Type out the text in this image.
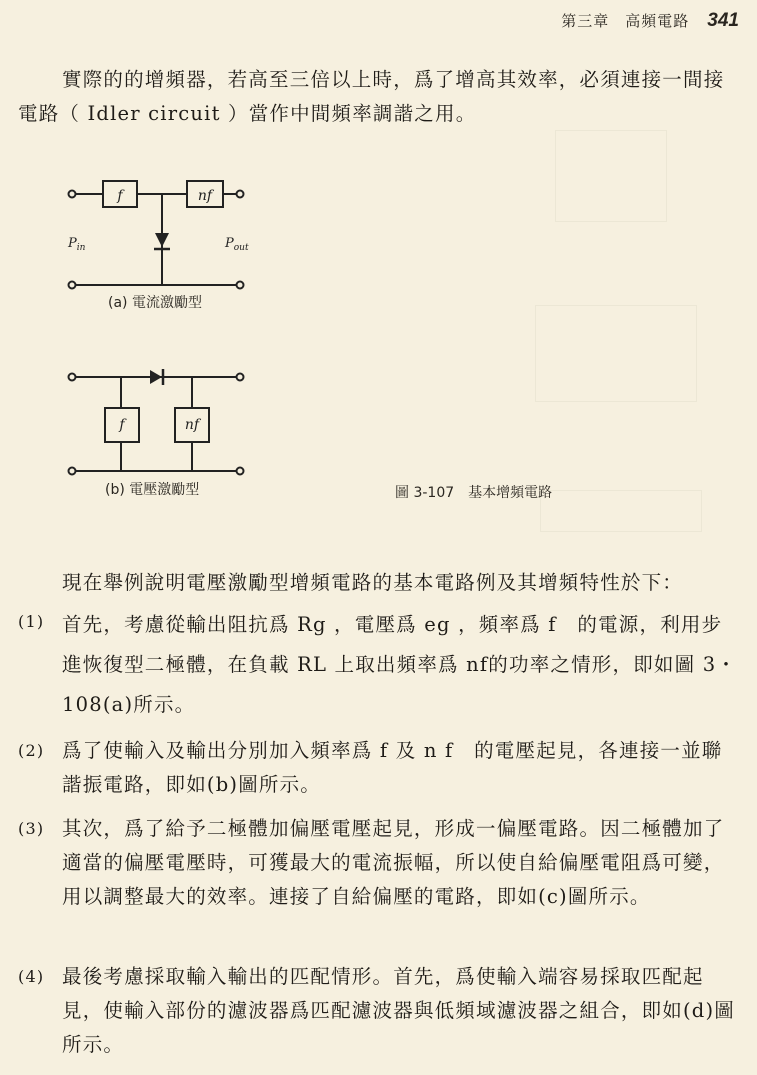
第三章　高頻電路 341
實際的的增頻器，若高至三倍以上時，爲了增高其效率，必須連接一間接電路（ Idler circuit ）當作中間頻率調諧之用。
f	nf
$P_{in}$	$P_{out}$
(a) 電流激勵型
f	nf
(b) 電壓激勵型	圖 3-107　基本增頻電路
現在舉例說明電壓激勵型增頻電路的基本電路例及其增頻特性於下：
(1) 首先，考慮從輸出阻抗爲 Rg ，電壓爲 eg ，頻率爲 f　的電源，利用步進恢復型二極體，在負載 RL 上取出頻率爲 nf的功率之情形，即如圖 3・108(a)所示。
(2) 爲了使輸入及輸出分別加入頻率爲 f 及 n f　的電壓起見，各連接一並聯諧振電路，即如(b)圖所示。
(3) 其次，爲了給予二極體加偏壓電壓起見，形成一偏壓電路。因二極體加了適當的偏壓電壓時，可獲最大的電流振幅，所以使自給偏壓電阻爲可變，用以調整最大的效率。連接了自給偏壓的電路，即如(c)圖所示。
(4) 最後考慮採取輸入輸出的匹配情形。首先，爲使輸入端容易採取匹配起見，使輸入部份的濾波器爲匹配濾波器與低頻域濾波器之組合，即如(d)圖所示。
